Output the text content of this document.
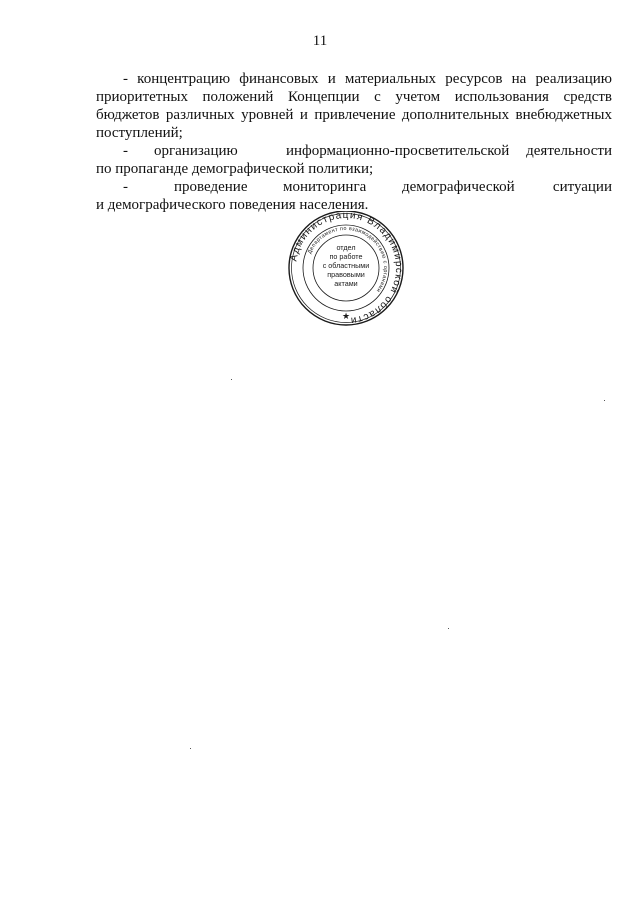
11
- концентрацию финансовых и материальных ресурсов на реализацию
приоритетных положений Концепции с учетом использования средств
бюджетов различных уровней и привлечение дополнительных внебюджетных
поступлений;
- организацию	информационно-просветительской деятельности
по пропаганде демографической политики;
-	проведение мониторинга демографической	ситуации
и демографического поведения населения.
Администрация Владимирской области
Департамент по взаимодействию с органами
отдел
по работе
с областными
правовыми
актами
★
